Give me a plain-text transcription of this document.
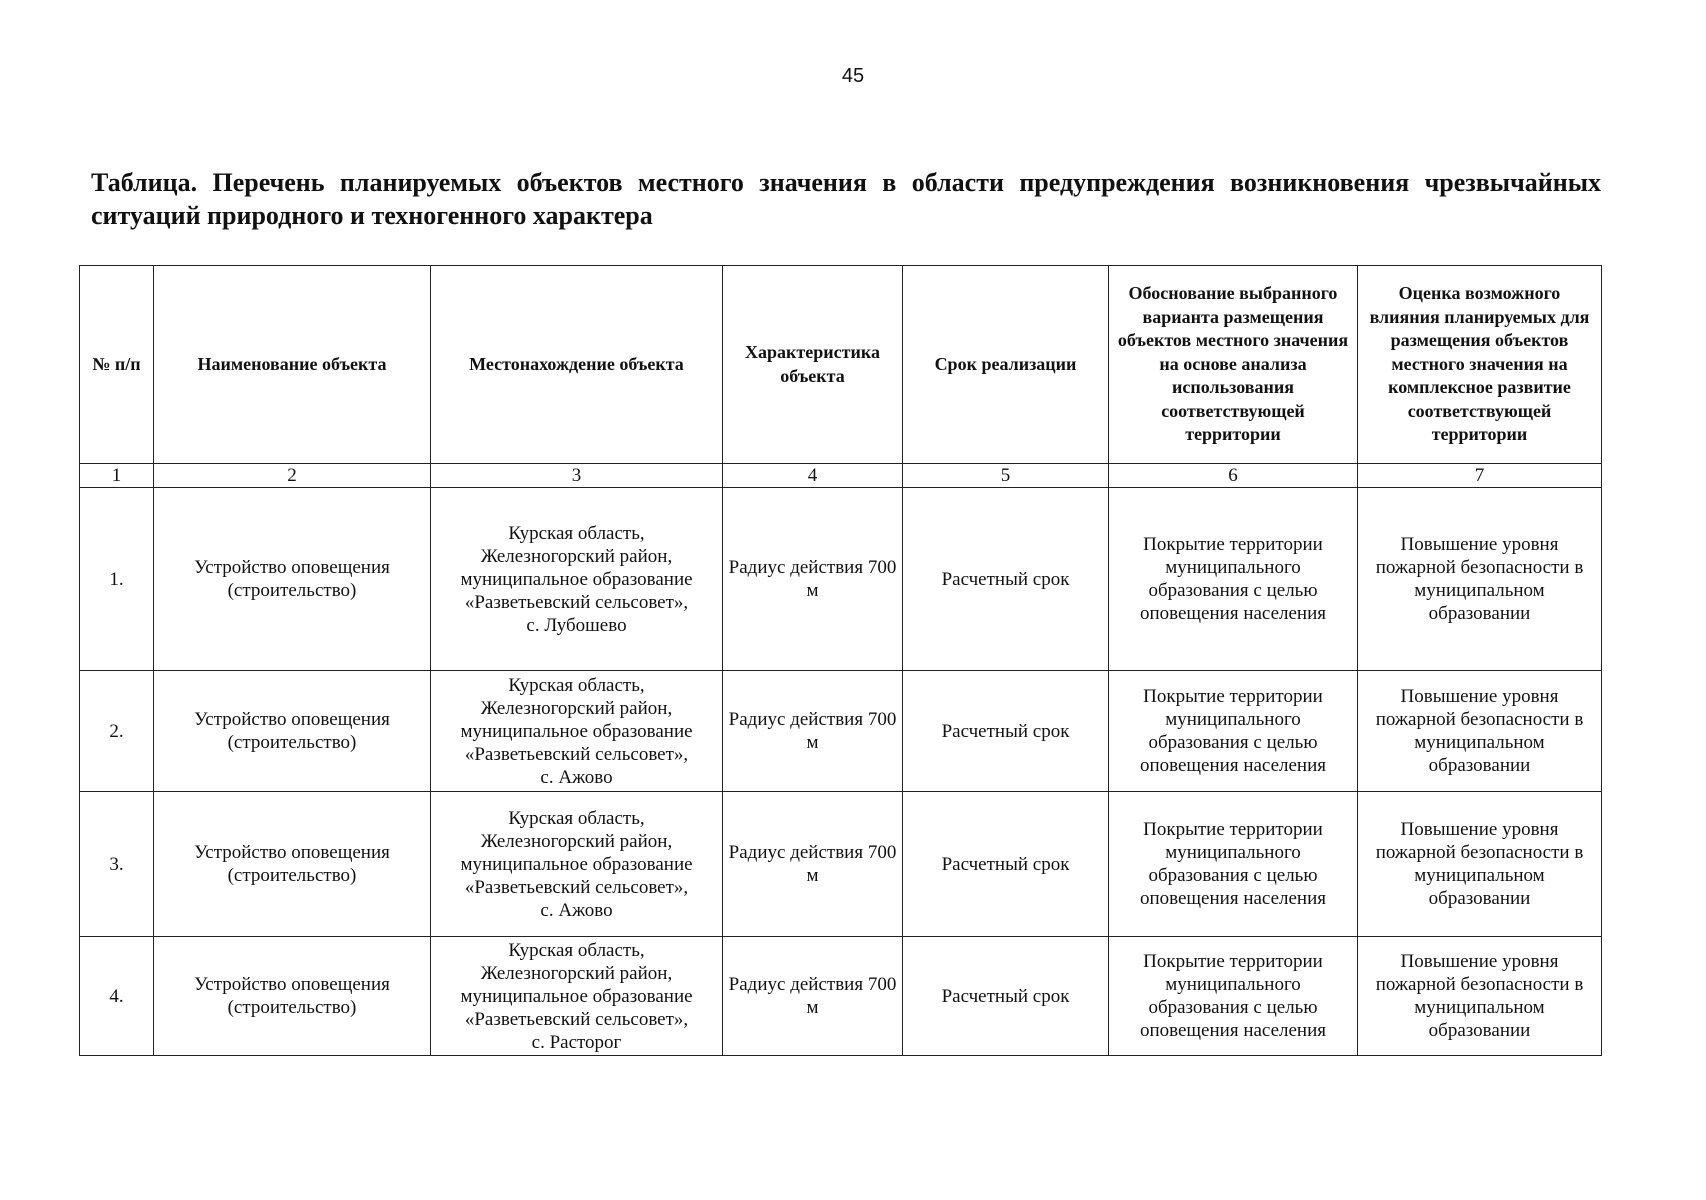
45
Таблица. Перечень планируемых объектов местного значения в области предупреждения возникновения чрезвычайных ситуаций природного и техногенного характера
№ п/п	Наименование объекта	Местонахождение объекта	Характеристика объекта	Срок реализации	Обоснование выбранного варианта размещения объектов местного значения на основе анализа использования соответствующей территории	Оценка возможного влияния планируемых для размещения объектов местного значения на комплексное развитие соответствующей территории
1	2	3	4	5	6	7
1.	Устройство оповещения (строительство)	Курская область,
Железногорский район,
муниципальное образование
«Разветьевский сельсовет»,
с. Лубошево	Радиус действия 700 м	Расчетный срок	Покрытие территории муниципального образования с целью оповещения населения	Повышение уровня пожарной безопасности в муниципальном образовании
2.	Устройство оповещения (строительство)	Курская область,
Железногорский район,
муниципальное образование
«Разветьевский сельсовет»,
с. Ажово	Радиус действия 700 м	Расчетный срок	Покрытие территории муниципального образования с целью оповещения населения	Повышение уровня пожарной безопасности в муниципальном образовании
3.	Устройство оповещения (строительство)	Курская область,
Железногорский район,
муниципальное образование
«Разветьевский сельсовет»,
с. Ажово	Радиус действия 700 м	Расчетный срок	Покрытие территории муниципального образования с целью оповещения населения	Повышение уровня пожарной безопасности в муниципальном образовании
4.	Устройство оповещения (строительство)	Курская область,
Железногорский район,
муниципальное образование
«Разветьевский сельсовет»,
с. Расторог	Радиус действия 700 м	Расчетный срок	Покрытие территории муниципального образования с целью оповещения населения	Повышение уровня пожарной безопасности в муниципальном образовании
